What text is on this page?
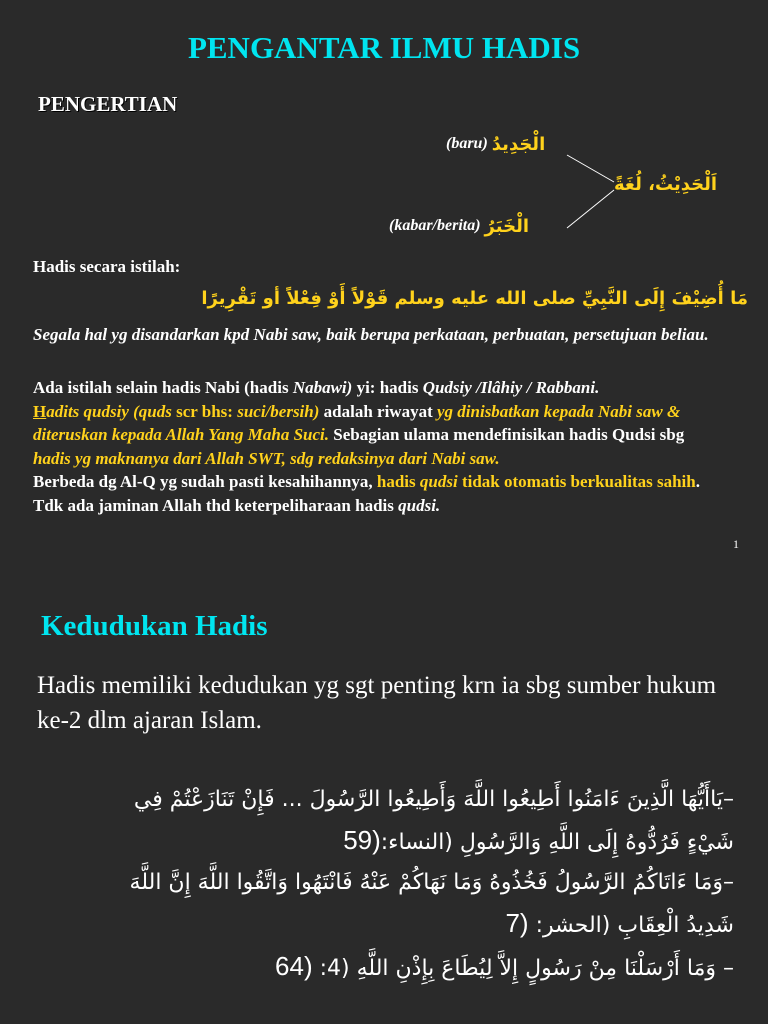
PENGANTAR ILMU HADIS
PENGERTIAN
(baru) الْجَدِيدُ
اَلْحَدِيْثُ، لُغَةً
(kabar/berita) الْخَبَرُ
Hadis secara istilah:
مَا أُضِيْفَ إِلَى النَّبِيِّ صلى الله عليه وسلم قَوْلاً أَوْ فِعْلاً أو تَقْرِيرًا
Segala hal yg disandarkan kpd Nabi saw, baik berupa perkataan, perbuatan, persetujuan beliau.
Ada istilah selain hadis Nabi (hadis Nabawi) yi: hadis Qudsiy /Ilâhiy / Rabbani.
Hadits qudsiy (quds scr bhs: suci/bersih) adalah riwayat yg dinisbatkan kepada Nabi saw & diteruskan kepada Allah Yang Maha Suci. Sebagian ulama mendefinisikan hadis Qudsi sbg hadis yg maknanya dari Allah SWT, sdg redaksinya dari Nabi saw.
Berbeda dg Al-Q yg sudah pasti kesahihannya, hadis qudsi tidak otomatis berkualitas sahih. Tdk ada jaminan Allah thd keterpeliharaan hadis qudsi.
1
Kedudukan Hadis

Hadis memiliki kedudukan yg sgt penting krn ia sbg sumber hukum ke-2 dlm ajaran Islam.

–يَاأَيُّهَا الَّذِينَ ءَامَنُوا أَطِيعُوا اللَّهَ وَأَطِيعُوا الرَّسُولَ ... فَإِنْ تَنَازَعْتُمْ فِي
شَيْءٍ فَرُدُّوهُ إِلَى اللَّهِ وَالرَّسُولِ (النساء:59)
–وَمَا ءَاتَاكُمُ الرَّسُولُ فَخُذُوهُ وَمَا نَهَاكُمْ عَنْهُ فَانْتَهُوا وَاتَّقُوا اللَّهَ إِنَّ اللَّهَ
شَدِيدُ الْعِقَابِ (الحشر: 7)
– وَمَا أَرْسَلْنَا مِنْ رَسُولٍ إِلاَّ لِيُطَاعَ بِإِذْنِ اللَّهِ (4: 64)
